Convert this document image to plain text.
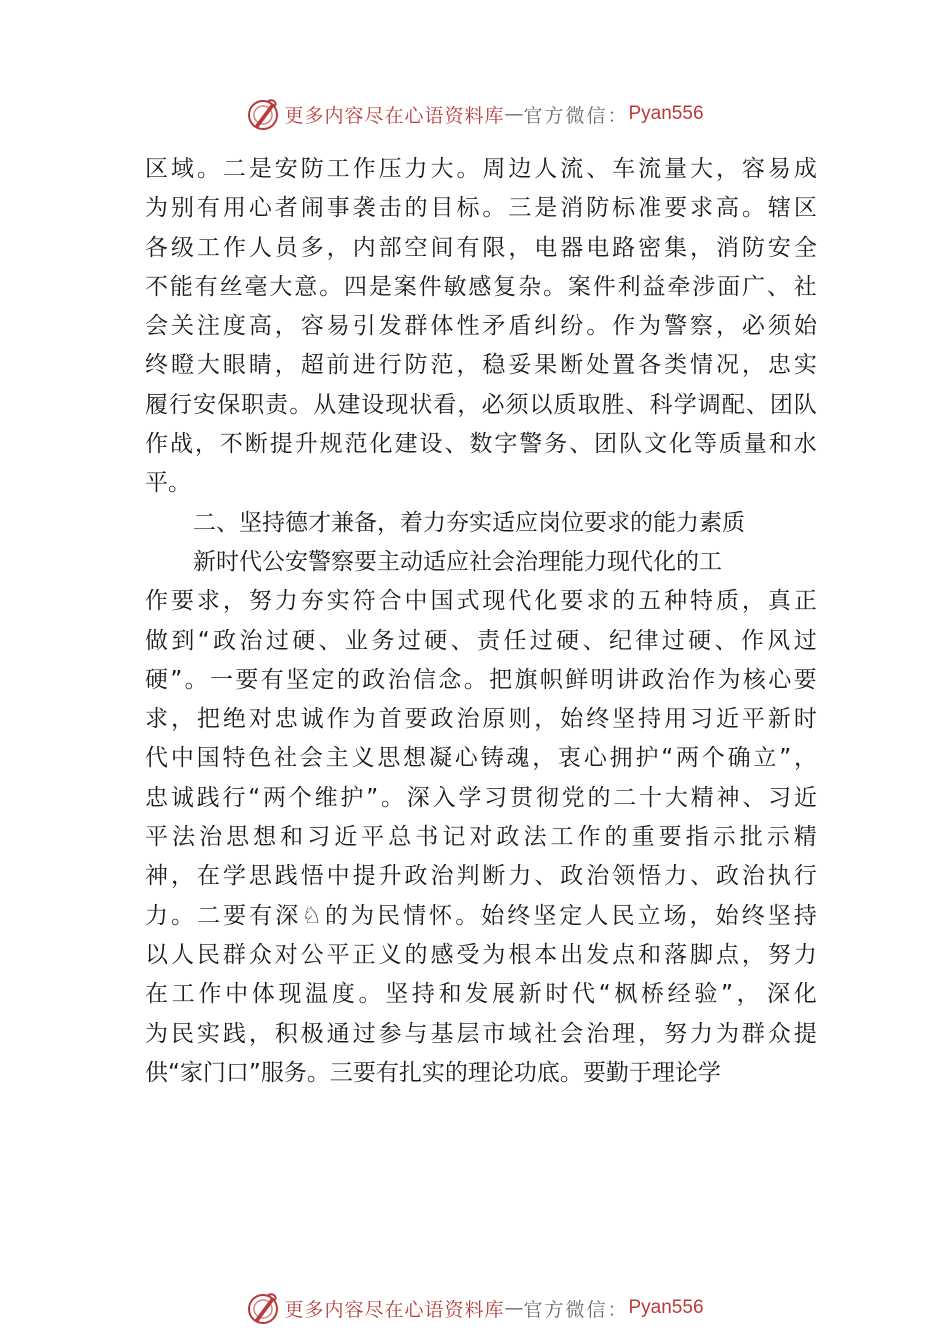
更多内容尽在心语资料库 — 官方微信： Pyan556
区 域 。 二 是 安 防 工 作 压 力 大 。 周 边 人 流 、 车 流 量 大 ， 容 易 成
为 别 有 用 心 者 闹 事 袭 击 的 目 标 。 三 是 消 防 标 准 要 求 高 。 辖 区
各 级 工 作 人 员 多 ， 内 部 空 间 有 限 ， 电 器 电 路 密 集 ， 消 防 安 全
不 能 有 丝 毫 大 意 。 四 是 案 件 敏 感 复 杂 。 案 件 利 益 牵 涉 面 广 、 社
会 关 注 度 高 ， 容 易 引 发 群 体 性 矛 盾 纠 纷 。 作 为 警 察 ， 必 须 始
终 瞪 大 眼 睛 ， 超 前 进 行 防 范 ， 稳 妥 果 断 处 置 各 类 情 况 ， 忠 实
履 行 安 保 职 责 。 从 建 设 现 状 看 ， 必 须 以 质 取 胜 、 科 学 调 配 、 团 队
作 战 ， 不 断 提 升 规 范 化 建 设 、 数 字 警 务 、 团 队 文 化 等 质 量 和 水
平。
二、坚持德才兼备，着力夯实适应岗位要求的能力素质
新时代公安警察要主动适应社会治理能力现代化的工
作 要 求 ， 努 力 夯 实 符 合 中 国 式 现 代 化 要 求 的 五 种 特 质 ， 真 正
做 到 “ 政 治 过 硬 、 业 务 过 硬 、 责 任 过 硬 、 纪 律 过 硬 、 作 风 过
硬 ” 。 一 要 有 坚 定 的 政 治 信 念 。 把 旗 帜 鲜 明 讲 政 治 作 为 核 心 要
求 ， 把 绝 对 忠 诚 作 为 首 要 政 治 原 则 ， 始 终 坚 持 用 习 近 平 新 时
代 中 国 特 色 社 会 主 义 思 想 凝 心 铸 魂 ， 衷 心 拥 护 “ 两 个 确 立 ” ，
忠 诚 践 行 “ 两 个 维 护 ” 。 深 入 学 习 贯 彻 党 的 二 十 大 精 神 、 习 近
平 法 治 思 想 和 习 近 平 总 书 记 对 政 法 工 作 的 重 要 指 示 批 示 精
神 ， 在 学 思 践 悟 中 提 升 政 治 判 断 力 、 政 治 领 悟 力 、 政 治 执 行
力 。 二 要 有 深 ♘ 的 为 民 情 怀 。 始 终 坚 定 人 民 立 场 ， 始 终 坚 持
以 人 民 群 众 对 公 平 正 义 的 感 受 为 根 本 出 发 点 和 落 脚 点 ， 努 力
在 工 作 中 体 现 温 度 。 坚 持 和 发 展 新 时 代 “ 枫 桥 经 验 ” ， 深 化
为 民 实 践 ， 积 极 通 过 参 与 基 层 市 域 社 会 治 理 ， 努 力 为 群 众 提
供“家门口”服务。三要有扎实的理论功底。要勤于理论学
更多内容尽在心语资料库 — 官方微信： Pyan556
